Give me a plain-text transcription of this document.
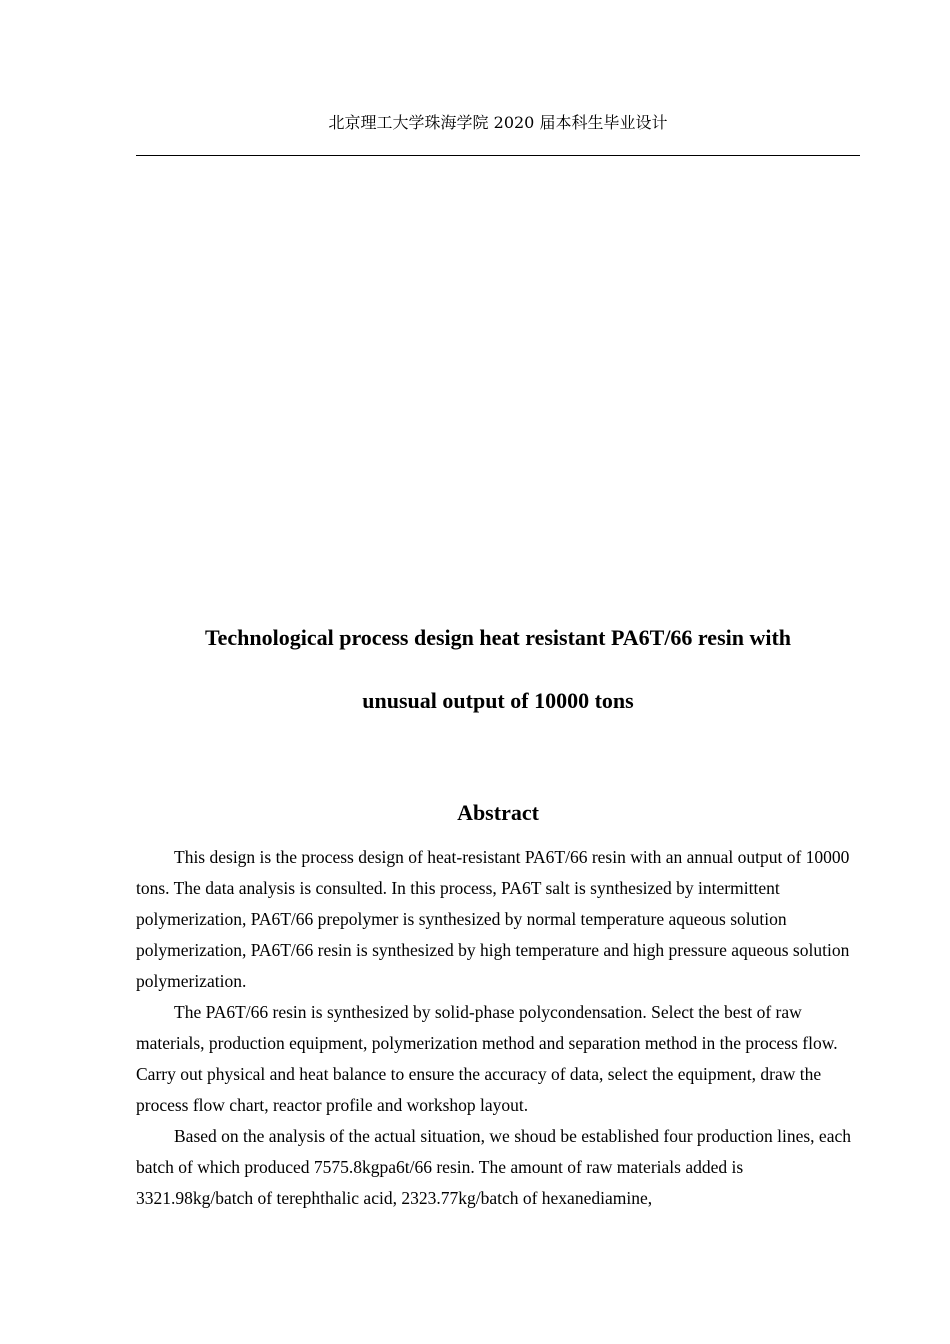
北京理工大学珠海学院 2020 届本科生毕业设计
Technological process design heat resistant PA6T/66 resin with
unusual output of 10000 tons
Abstract

This design is the process design of heat-resistant PA6T/66 resin with an annual output of 10000 tons. The data analysis is consulted. In this process, PA6T salt is synthesized by intermittent polymerization, PA6T/66 prepolymer is synthesized by normal temperature aqueous solution polymerization, PA6T/66 resin is synthesized by high temperature and high pressure aqueous solution polymerization.

The PA6T/66 resin is synthesized by solid-phase polycondensation. Select the best of raw materials, production equipment, polymerization method and separation method in the process flow. Carry out physical and heat balance to ensure the accuracy of data, select the equipment, draw the process flow chart, reactor profile and workshop layout.

Based on the analysis of the actual situation, we shoud be established four production lines, each batch of which produced 7575.8kgpa6t/66 resin. The amount of raw materials added is 3321.98kg/batch of terephthalic acid, 2323.77kg/batch of hexanediamine,
